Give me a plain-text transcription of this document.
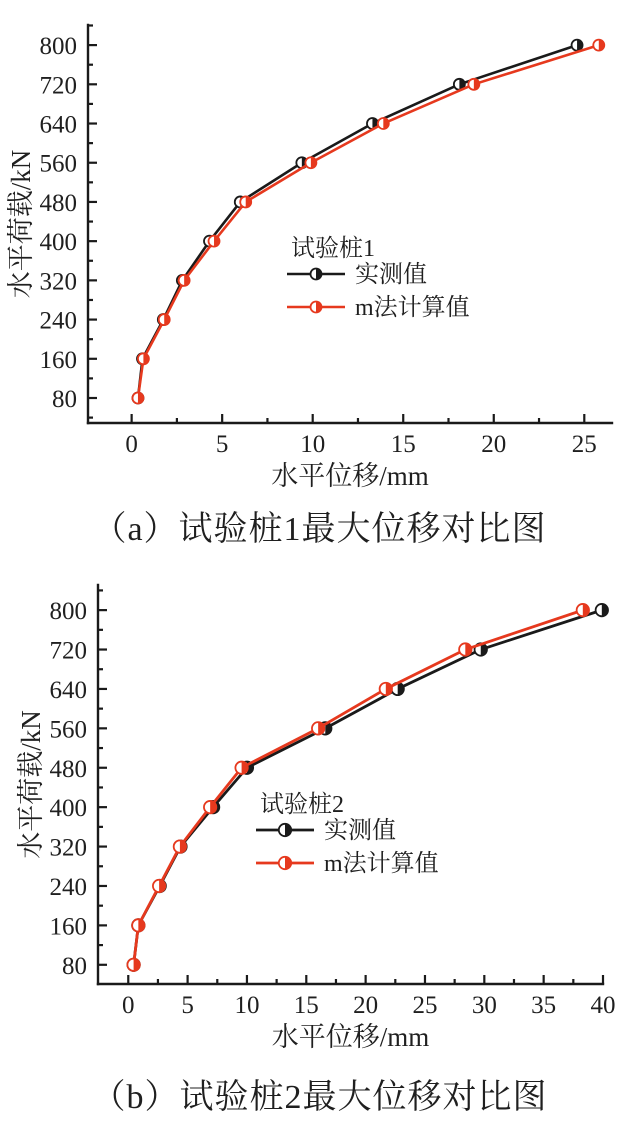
0	5	10	15	20	25
80
160
240
320
400
480
560
640
720
800
水平位移/mm
水平荷载/kN	试验桩1
实测值
m法计算值
（a）试验桩1最大位移对比图
0 5 10 15 20 25 30 35 40
80
160
240
320
400
480
560
640
720
800
水平位移/mm
水平荷载/kN	试验桩2
实测值
m法计算值
（b）试验桩2最大位移对比图
